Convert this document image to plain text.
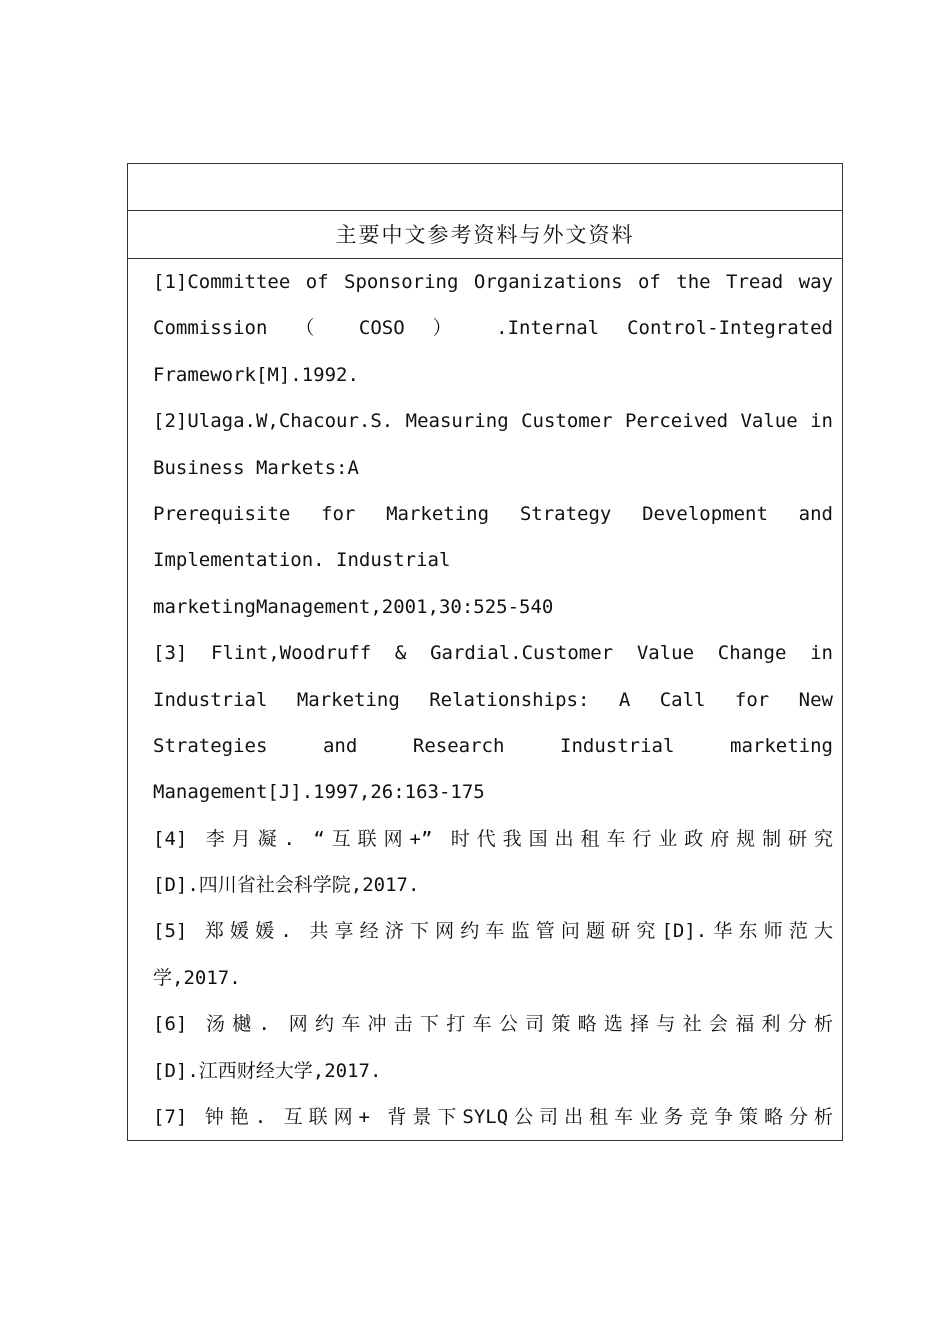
主要中文参考资料与外文资料
[1]Committee of Sponsoring Organizations of the Tread way
Commission （ COSO ） .Internal Control-Integrated
Framework[M].1992.
[2]Ulaga.W,Chacour.S. Measuring Customer Perceived Value in
Business Markets:A
Prerequisite for Marketing Strategy Development and
Implementation. Industrial
marketingManagement,2001,30:525-540
[3] Flint,Woodruff & Gardial.Customer Value Change in
Industrial Marketing Relationships: A Call for New
Strategies and Research Industrial marketing
Management[J].1997,26:163-175
[4] 李月凝. “互联网+” 时代我国出租车行业政府规制研究
[D].四川省社会科学院,2017.
[5] 郑媛媛. 共享经济下网约车监管问题研究[D].华东师范大
学,2017.
[6] 汤樾. 网约车冲击下打车公司策略选择与社会福利分析
[D].江西财经大学,2017.
[7] 钟艳. 互联网+ 背景下SYLQ公司出租车业务竞争策略分析
